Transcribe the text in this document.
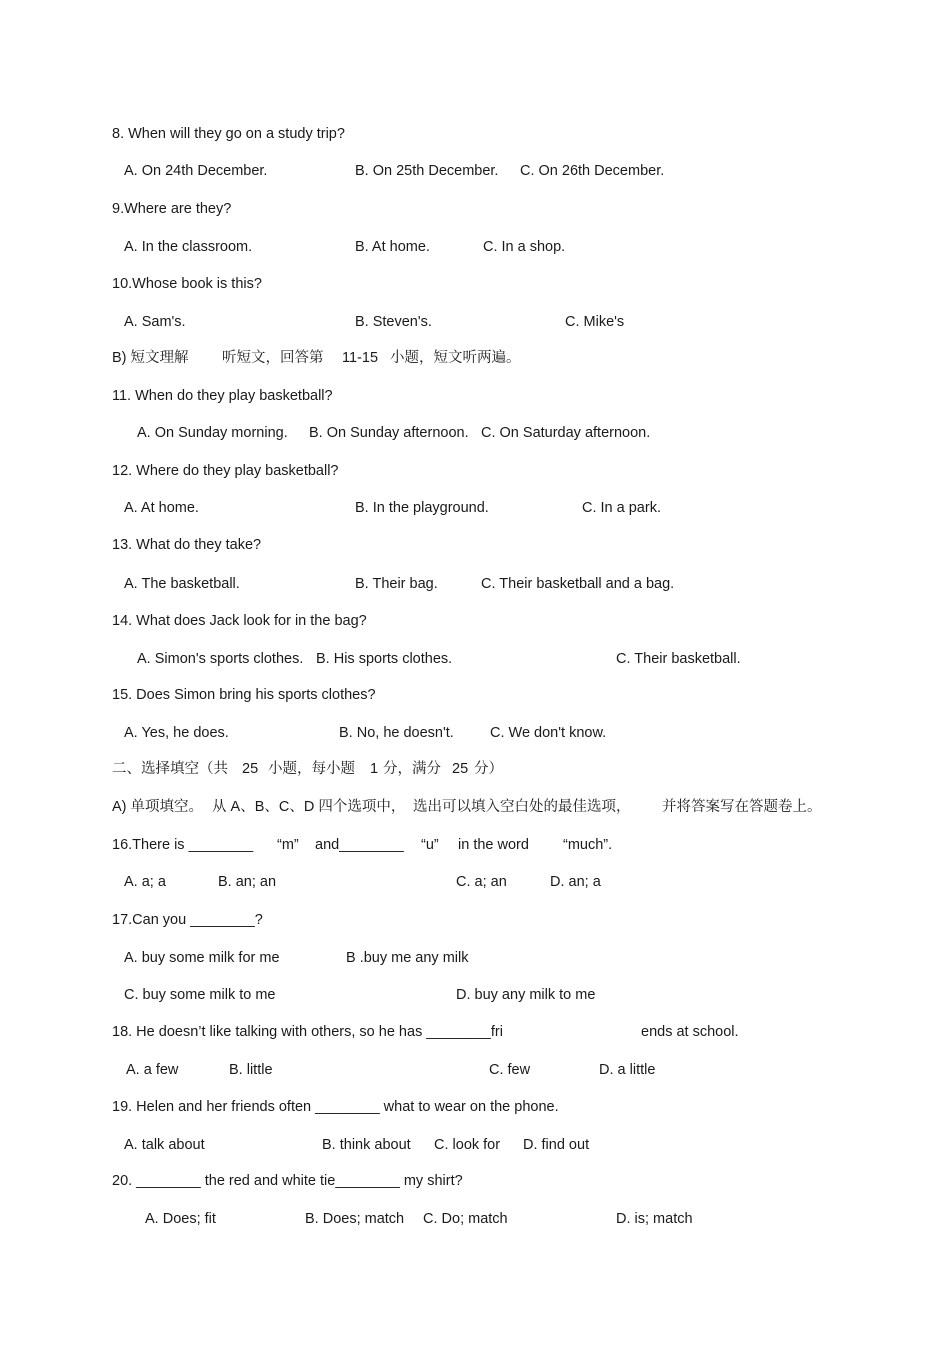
8. When will they go on a study trip?
A. On 24th December.	B. On 25th December. C. On 26th December.
9.Where are they?
A. In the classroom.	B. At home.	C. In a shop.
10.Whose book is this?
A. Sam's.	B. Steven's.	C. Mike's
B) 短文理解 听短文，回答第 11-15 小题，短文听两遍。
11. When do they play basketball?
A. On Sunday morning. B. On Sunday afternoon. C. On Saturday afternoon.
12. Where do they play basketball?
A. At home.	B. In the playground.	C. In a park.
13. What do they take?
A. The basketball.	B. Their bag.	C. Their basketball and a bag.
14. What does Jack look for in the bag?
A. Simon's sports clothes. B. His sports clothes.	C. Their basketball.
15. Does Simon bring his sports clothes?
A. Yes, he does.	B. No, he doesn't. C. We don't know.
二、选择填空（共 25 小题，每小题 1 分，满分 25 分）
A) 单项填空。 从 A、B、C、D 四个选项中， 选出可以填入空白处的最佳选项， 并将答案写在答题卷上。
16.There is ________ “m” and________ “u” in the word “much”.
A. a; a	B. an; an	C. a; an	D. an; a
17.Can you ________?
A. buy some milk for me	B .buy me any milk
C. buy some milk to me	D. buy any milk to me
18. He doesn’t like talking with others, so he has ________fri	ends at school.
A. a few	B. little	C. few	D. a little
19. Helen and her friends often ________ what to wear on the phone.
A. talk about	B. think about C. look for D. find out
20. ________ the red and white tie________ my shirt?
A. Does; fit	B. Does; match C. Do; match	D. is; match
